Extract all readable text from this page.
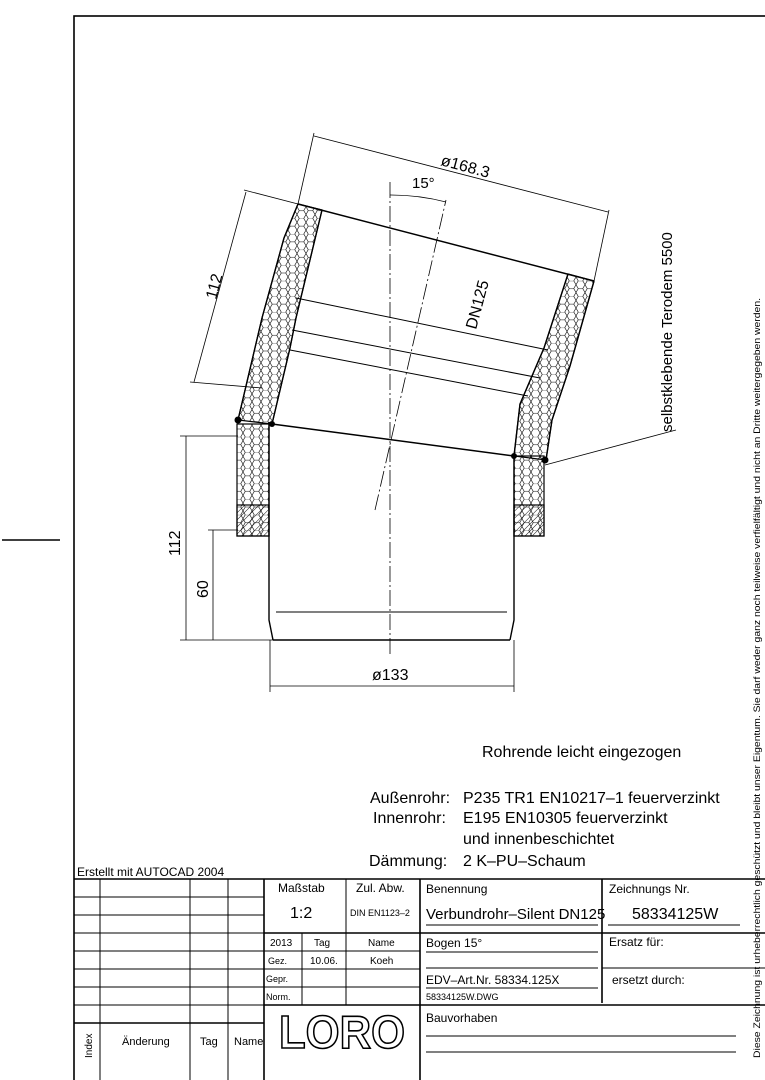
ø168.3
15°
112	DN125	selbstklebende Terodem 5500
112
60
ø133
Rohrende leicht eingezogen
Außenrohr: P235 TR1 EN10217–1 feuerverzinkt
Innenrohr: E195 EN10305 feuerverzinkt
und innenbeschichtet
Dämmung: 2 K–PU–Schaum
Erstellt mit AUTOCAD 2004	Diese Zeichnung ist urheberrechtlich geschützt und bleibt unser Eigentum. Sie darf weder ganz noch teilweise verfielfältigt und nicht an Dritte weitergegeben werden.
Index Änderung	Tag Name
Maßstab
1:2
Zul. Abw.
DIN EN1123–2
2013 Tag	Name
Gez. 10.06.	Koeh
Gepr.
Norm.
LORO
Benennung
Verbundrohr–Silent DN125
Bogen 15°
EDV–Art.Nr. 58334.125X
58334125W.DWG
Zeichnungs Nr.
58334125W
Ersatz für:
ersetzt durch:
Bauvorhaben
